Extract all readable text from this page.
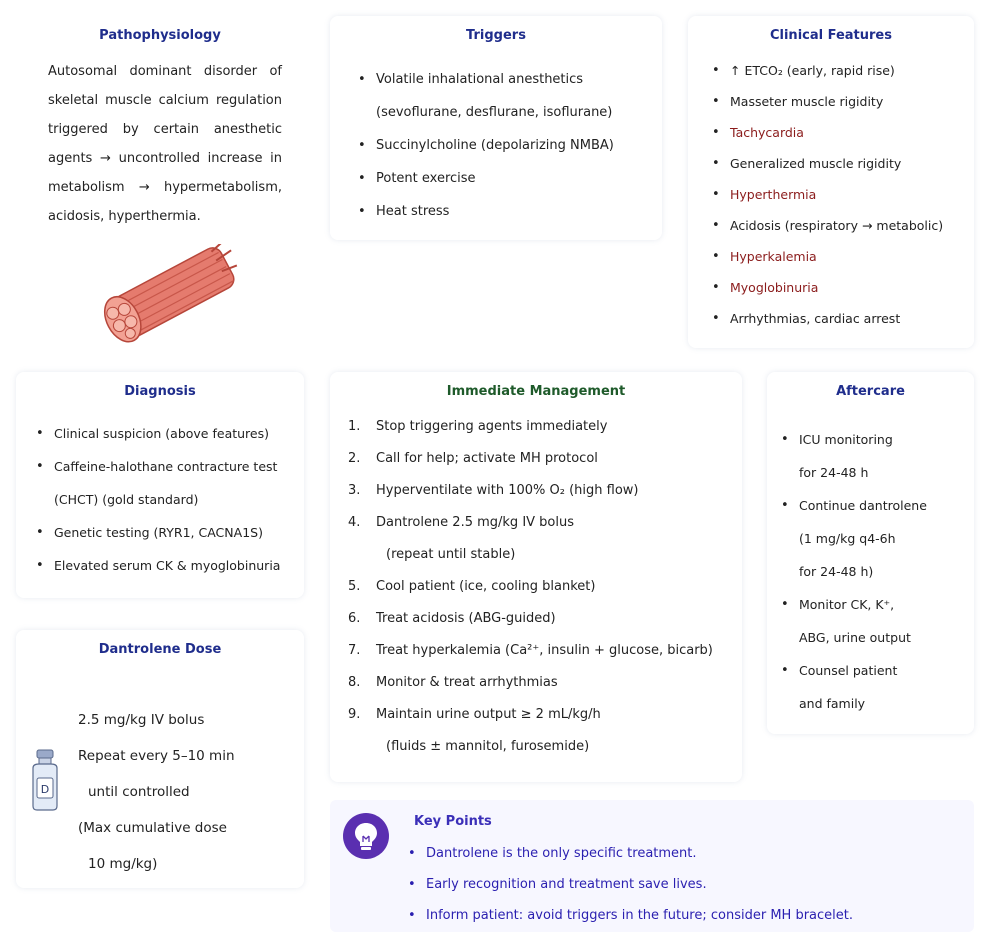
Pathophysiology

Autosomal dominant disorder of skeletal muscle calcium regulation triggered by certain anesthetic agents → uncontrolled increase in metabolism → hypermetabolism, acidosis, hyperthermia.

Triggers
• Volatile inhalational anesthetics (sevoflurane, desflurane, isoflurane)
• Succinylcholine (depolarizing NMBA)
• Potent exercise
• Heat stress
Clinical Features
• ↑ ETCO₂ (early, rapid rise)
• Masseter muscle rigidity
• Tachycardia
• Generalized muscle rigidity
• Hyperthermia
• Acidosis (respiratory → metabolic)
• Hyperkalemia
• Myoglobinuria
• Arrhythmias, cardiac arrest
Diagnosis
• Clinical suspicion (above features)
• Caffeine-halothane contracture test
(CHCT) (gold standard)
• Genetic testing (RYR1, CACNA1S)
• Elevated serum CK & myoglobinuria
Dantrolene Dose
D
2.5 mg/kg IV bolus
Repeat every 5–10 min
until controlled
(Max cumulative dose
10 mg/kg)
Immediate Management
1.	Stop triggering agents immediately
2.	Call for help; activate MH protocol
3.	Hyperventilate with 100% O₂ (high flow)
4.	Dantrolene 2.5 mg/kg IV bolus
(repeat until stable)
5.	Cool patient (ice, cooling blanket)
6.	Treat acidosis (ABG-guided)
7.	Treat hyperkalemia (Ca²⁺, insulin + glucose, bicarb)
8.	Monitor & treat arrhythmias
9.	Maintain urine output ≥ 2 mL/kg/h
(fluids ± mannitol, furosemide)
Aftercare
• ICU monitoring
for 24-48 h
• Continue dantrolene
(1 mg/kg q4-6h
for 24-48 h)
• Monitor CK, K⁺,
ABG, urine output
• Counsel patient
and family
Key Points
• Dantrolene is the only specific treatment.
• Early recognition and treatment save lives.
• Inform patient: avoid triggers in the future; consider MH bracelet.
